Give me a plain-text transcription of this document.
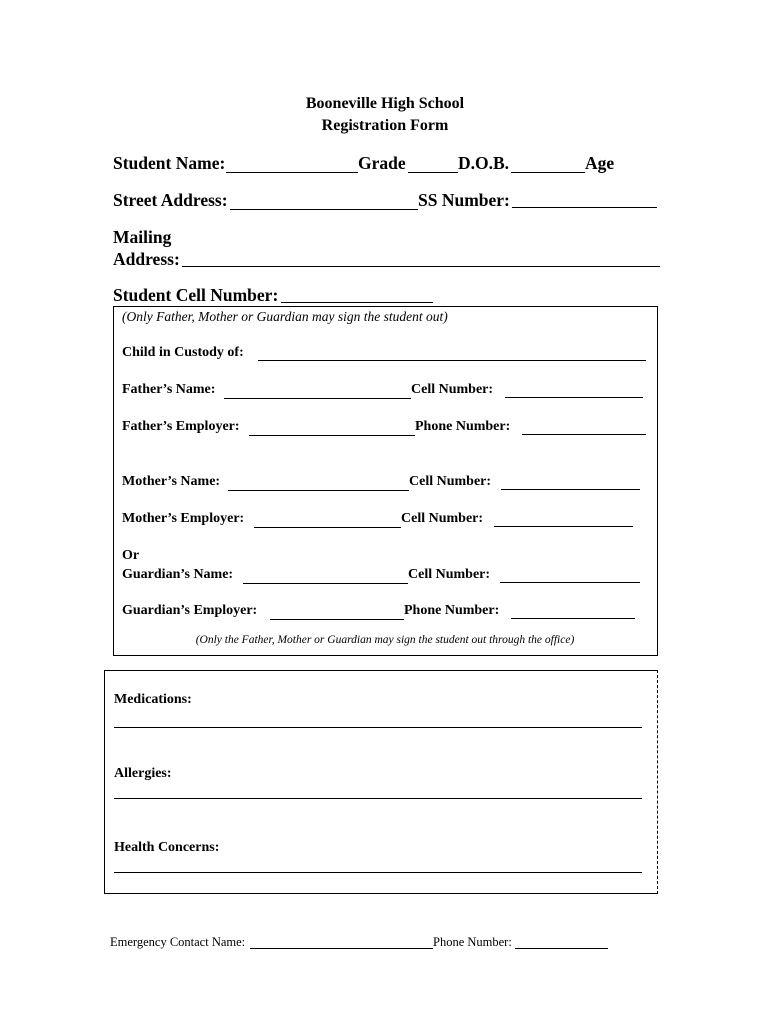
Booneville High School
Registration Form
Student Name:	Grade	D.O.B.	Age
Street Address:	SS Number:
Mailing
Address:
Student Cell Number:
(Only Father, Mother or Guardian may sign the student out)
Child in Custody of:
Father’s Name:	Cell Number:
Father’s Employer:	Phone Number:
Mother’s Name:	Cell Number:
Mother’s Employer:	Cell Number:
Or
Guardian’s Name:	Cell Number:
Guardian’s Employer:	Phone Number:
(Only the Father, Mother or Guardian may sign the student out through the office)
Medications:
Allergies:
Health Concerns:
Emergency Contact Name:	Phone Number:
